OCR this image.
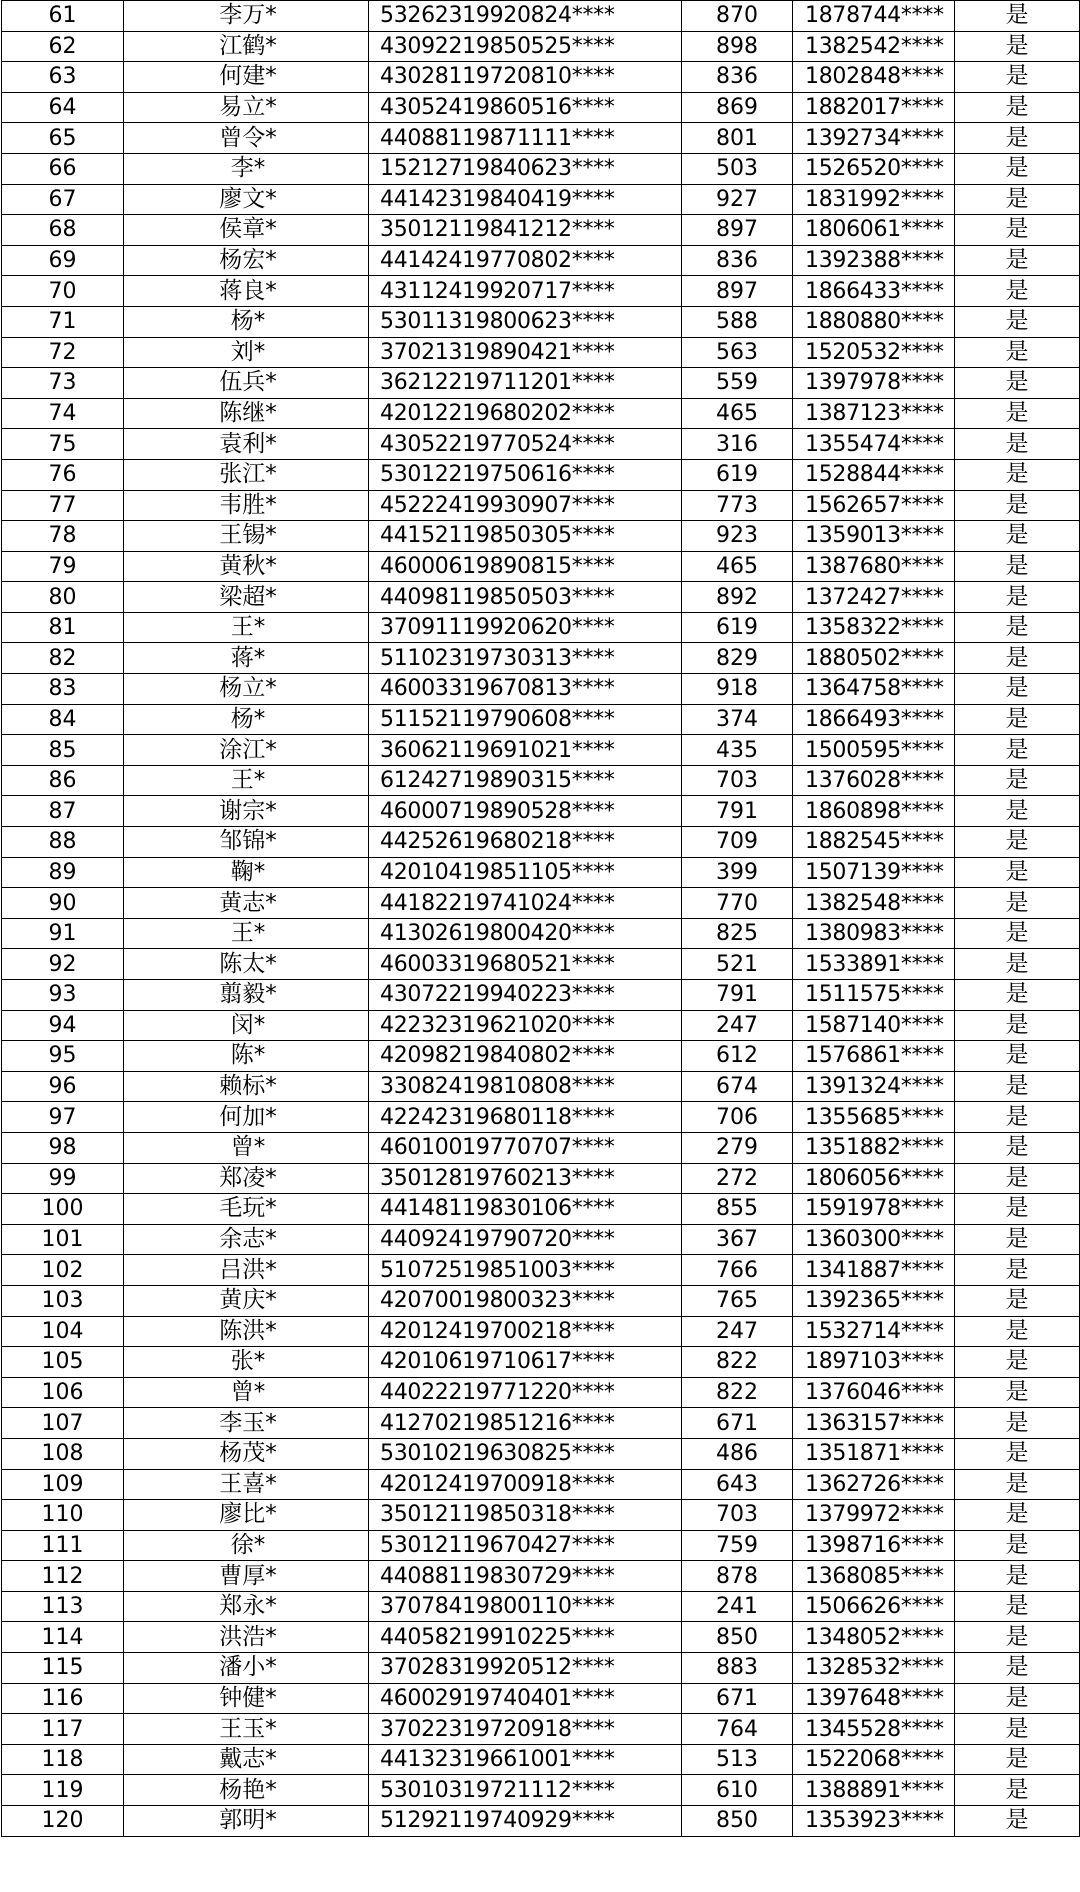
61	李万*	53262319920824****	870	1878744****	是
62	江鹤*	43092219850525****	898	1382542****	是
63	何建*	43028119720810****	836	1802848****	是
64	易立*	43052419860516****	869	1882017****	是
65	曾令*	44088119871111****	801	1392734****	是
66	李*	15212719840623****	503	1526520****	是
67	廖文*	44142319840419****	927	1831992****	是
68	侯章*	35012119841212****	897	1806061****	是
69	杨宏*	44142419770802****	836	1392388****	是
70	蒋良*	43112419920717****	897	1866433****	是
71	杨*	53011319800623****	588	1880880****	是
72	刘*	37021319890421****	563	1520532****	是
73	伍兵*	36212219711201****	559	1397978****	是
74	陈继*	42012219680202****	465	1387123****	是
75	袁利*	43052219770524****	316	1355474****	是
76	张江*	53012219750616****	619	1528844****	是
77	韦胜*	45222419930907****	773	1562657****	是
78	王锡*	44152119850305****	923	1359013****	是
79	黄秋*	46000619890815****	465	1387680****	是
80	梁超*	44098119850503****	892	1372427****	是
81	王*	37091119920620****	619	1358322****	是
82	蒋*	51102319730313****	829	1880502****	是
83	杨立*	46003319670813****	918	1364758****	是
84	杨*	51152119790608****	374	1866493****	是
85	涂江*	36062119691021****	435	1500595****	是
86	王*	61242719890315****	703	1376028****	是
87	谢宗*	46000719890528****	791	1860898****	是
88	邹锦*	44252619680218****	709	1882545****	是
89	鞠*	42010419851105****	399	1507139****	是
90	黄志*	44182219741024****	770	1382548****	是
91	王*	41302619800420****	825	1380983****	是
92	陈太*	46003319680521****	521	1533891****	是
93	翦毅*	43072219940223****	791	1511575****	是
94	闵*	42232319621020****	247	1587140****	是
95	陈*	42098219840802****	612	1576861****	是
96	赖标*	33082419810808****	674	1391324****	是
97	何加*	42242319680118****	706	1355685****	是
98	曾*	46010019770707****	279	1351882****	是
99	郑凌*	35012819760213****	272	1806056****	是
100	毛玩*	44148119830106****	855	1591978****	是
101	余志*	44092419790720****	367	1360300****	是
102	吕洪*	51072519851003****	766	1341887****	是
103	黄庆*	42070019800323****	765	1392365****	是
104	陈洪*	42012419700218****	247	1532714****	是
105	张*	42010619710617****	822	1897103****	是
106	曾*	44022219771220****	822	1376046****	是
107	李玉*	41270219851216****	671	1363157****	是
108	杨茂*	53010219630825****	486	1351871****	是
109	王喜*	42012419700918****	643	1362726****	是
110	廖比*	35012119850318****	703	1379972****	是
111	徐*	53012119670427****	759	1398716****	是
112	曹厚*	44088119830729****	878	1368085****	是
113	郑永*	37078419800110****	241	1506626****	是
114	洪浩*	44058219910225****	850	1348052****	是
115	潘小*	37028319920512****	883	1328532****	是
116	钟健*	46002919740401****	671	1397648****	是
117	王玉*	37022319720918****	764	1345528****	是
118	戴志*	44132319661001****	513	1522068****	是
119	杨艳*	53010319721112****	610	1388891****	是
120	郭明*	51292119740929****	850	1353923****	是
